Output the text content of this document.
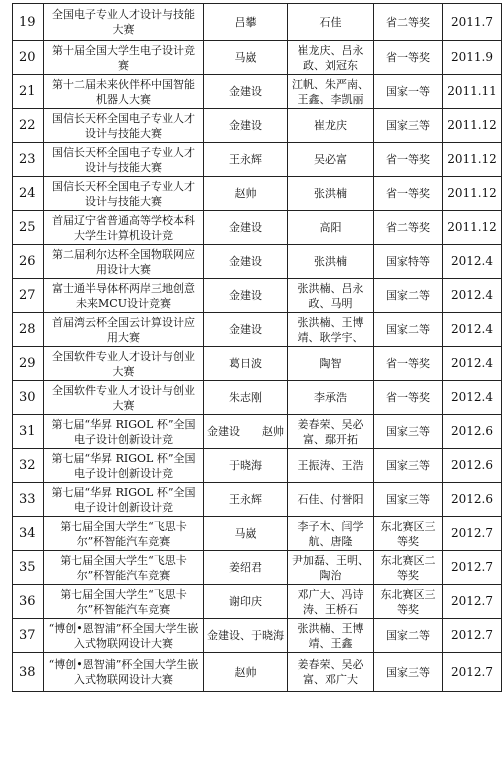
19	全国电子专业人才设计与技能大赛	吕攀	石佳	省二等奖	2011.7
20	第十届全国大学生电子设计竞赛	马崴	崔龙庆、吕永政、刘冠东	省一等奖	2011.9
21	第十二届未来伙伴杯中国智能机器人大赛	金建设	江帆、朱严南、王鑫、李凯丽	国家一等	2011.11
22	国信长天杯全国电子专业人才设计与技能大赛	金建设	崔龙庆	国家三等	2011.12
23	国信长天杯全国电子专业人才设计与技能大赛	王永辉	吴必富	省一等奖	2011.12
24	国信长天杯全国电子专业人才设计与技能大赛	赵帅	张洪楠	省一等奖	2011.12
25	首届辽宁省普通高等学校本科大学生计算机设计竞	金建设	高阳	省二等奖	2011.12
26	第二届利尔达杯全国物联网应用设计大赛	金建设	张洪楠	国家特等	2012.4
27	富士通半导体杯两岸三地创意未来MCU设计竞赛	金建设	张洪楠、吕永政、马明	国家二等	2012.4
28	首届湾云杯全国云计算设计应用大赛	金建设	张洪楠、王博靖、耿学宇、	国家二等	2012.4
29	全国软件专业人才设计与创业大赛	葛日波	陶智	省一等奖	2012.4
30	全国软件专业人才设计与创业大赛	朱志刚	李承浩	省一等奖	2012.4
31	第七届“华昇 RIGOL 杯”全国电子设计创新设计竞	金建设　　赵帅	姜春荣、吴必富、鄢开拓	国家三等	2012.6
32	第七届“华昇 RIGOL 杯”全国电子设计创新设计竞	于晓海	王振涛、王浩	国家三等	2012.6
33	第七届“华昇 RIGOL 杯”全国电子设计创新设计竞	王永辉	石佳、付誉阳	国家三等	2012.6
34	第七届全国大学生“飞思卡尔”杯智能汽车竞赛	马崴	李子木、闫学航、唐隆	东北赛区三等奖	2012.7
35	第七届全国大学生“飞思卡尔”杯智能汽车竞赛	姜绍君	尹加磊、王明、陶治	东北赛区二等奖	2012.7
36	第七届全国大学生“飞思卡尔”杯智能汽车竞赛	谢印庆	邓广大、冯诗涛、王桥石	东北赛区三等奖	2012.7
37	“博创•恩智浦”杯全国大学生嵌入式物联网设计大赛	金建设、于晓海	张洪楠、王博靖、王鑫	国家二等	2012.7
38	“博创•恩智浦”杯全国大学生嵌入式物联网设计大赛	赵帅	姜春荣、吴必富、邓广大	国家三等	2012.7
